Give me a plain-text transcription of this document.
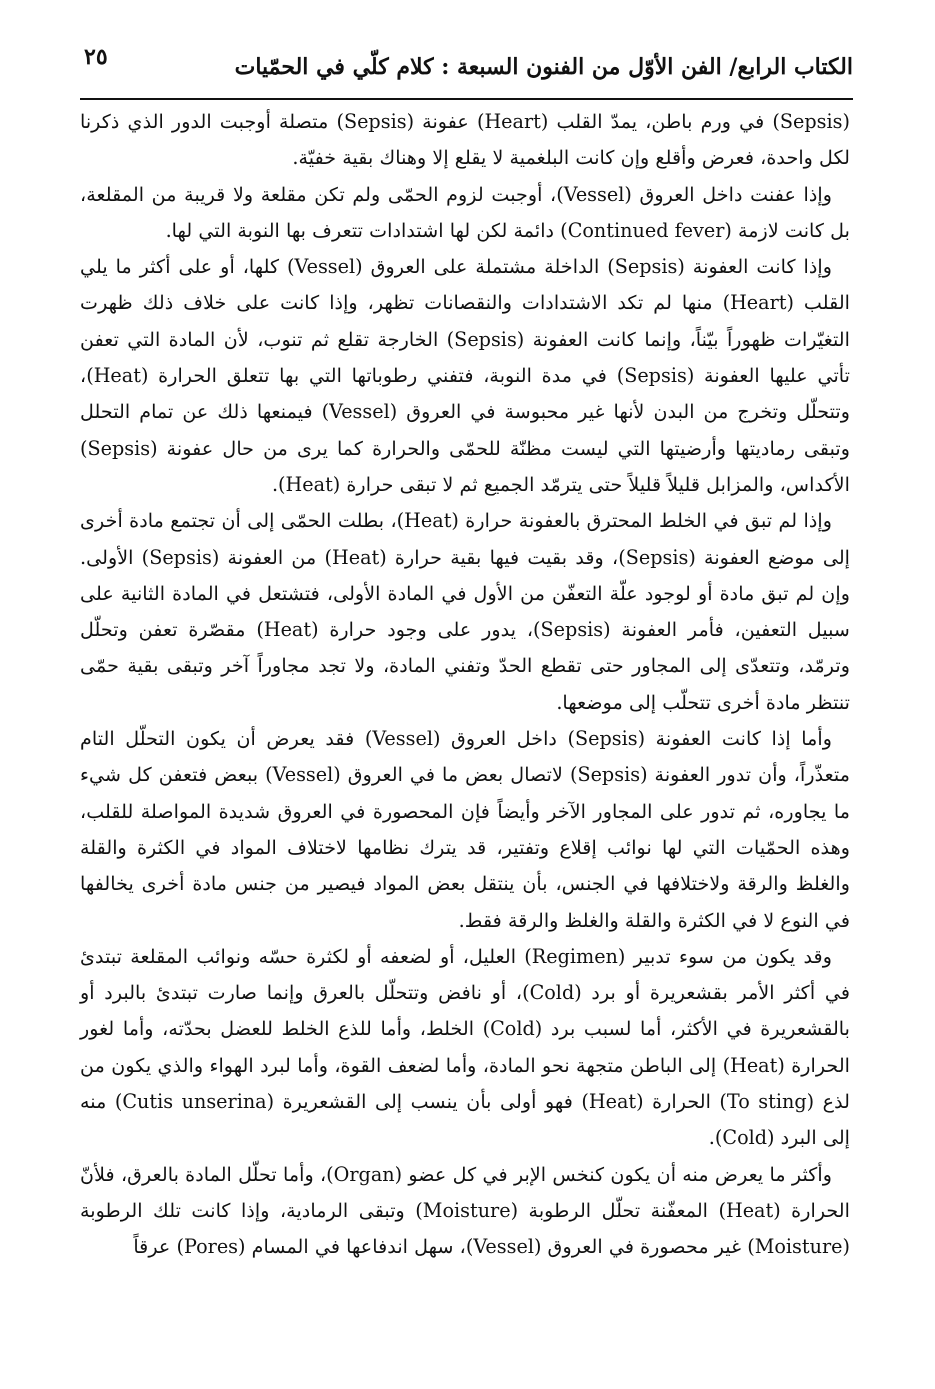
٢٥	الكتاب الرابع/ الفن الأوّل من الفنون السبعة : كلام كلّي في الحمّيات

(Sepsis) في ورم باطن، يمدّ القلب (Heart) عفونة (Sepsis) متصلة أوجبت الدور الذي ذكرنا لكل واحدة، فعرض وأقلع وإن كانت البلغمية لا يقلع إلا وهناك بقية خفيّة.

وإذا عفنت داخل العروق (Vessel)، أوجبت لزوم الحمّى ولم تكن مقلعة ولا قريبة من المقلعة، بل كانت لازمة (Continued fever) دائمة لكن لها اشتدادات تتعرف بها النوبة التي لها.

وإذا كانت العفونة (Sepsis) الداخلة مشتملة على العروق (Vessel) كلها، أو على أكثر ما يلي القلب (Heart) منها لم تكد الاشتدادات والنقصانات تظهر، وإذا كانت على خلاف ذلك ظهرت التغيّرات ظهوراً بيّناً، وإنما كانت العفونة (Sepsis) الخارجة تقلع ثم تنوب، لأن المادة التي تعفن تأتي عليها العفونة (Sepsis) في مدة النوبة، فتفني رطوباتها التي بها تتعلق الحرارة (Heat)، وتتحلّل وتخرج من البدن لأنها غير محبوسة في العروق (Vessel) فيمنعها ذلك عن تمام التحلل وتبقى رماديتها وأرضيتها التي ليست مظنّة للحمّى والحرارة كما يرى من حال عفونة (Sepsis) الأكداس، والمزابل قليلاً قليلاً حتى يترمّد الجميع ثم لا تبقى حرارة (Heat).

وإذا لم تبق في الخلط المحترق بالعفونة حرارة (Heat)، بطلت الحمّى إلى أن تجتمع مادة أخرى إلى موضع العفونة (Sepsis)، وقد بقيت فيها بقية حرارة (Heat) من العفونة (Sepsis) الأولى. وإن لم تبق مادة أو لوجود علّة التعفّن من الأول في المادة الأولى، فتشتعل في المادة الثانية على سبيل التعفين، فأمر العفونة (Sepsis)، يدور على وجود حرارة (Heat) مقصّرة تعفن وتحلّل وترمّد، وتتعدّى إلى المجاور حتى تقطع الحدّ وتفني المادة، ولا تجد مجاوراً آخر وتبقى بقية حمّى تنتظر مادة أخرى تتحلّب إلى موضعها.

وأما إذا كانت العفونة (Sepsis) داخل العروق (Vessel) فقد يعرض أن يكون التحلّل التام متعذّراً، وأن تدور العفونة (Sepsis) لاتصال بعض ما في العروق (Vessel) ببعض فتعفن كل شيء ما يجاوره، ثم تدور على المجاور الآخر وأيضاً فإن المحصورة في العروق شديدة المواصلة للقلب، وهذه الحمّيات التي لها نوائب إقلاع وتفتير، قد يترك نظامها لاختلاف المواد في الكثرة والقلة والغلظ والرقة ولاختلافها في الجنس، بأن ينتقل بعض المواد فيصير من جنس مادة أخرى يخالفها في النوع لا في الكثرة والقلة والغلظ والرقة فقط.

وقد يكون من سوء تدبير (Regimen) العليل، أو لضعفه أو لكثرة حسّه ونوائب المقلعة تبتدئ في أكثر الأمر بقشعريرة أو برد (Cold)، أو نافض وتتحلّل بالعرق وإنما صارت تبتدئ بالبرد أو بالقشعريرة في الأكثر، أما لسبب برد (Cold) الخلط، وأما للذع الخلط للعضل بحدّته، وأما لغور الحرارة (Heat) إلى الباطن متجهة نحو المادة، وأما لضعف القوة، وأما لبرد الهواء والذي يكون من لذع (To sting) الحرارة (Heat) فهو أولى بأن ينسب إلى القشعريرة (Cutis unserina) منه إلى البرد (Cold).

وأكثر ما يعرض منه أن يكون كنخس الإبر في كل عضو (Organ)، وأما تحلّل المادة بالعرق، فلأنّ الحرارة (Heat) المعفّنة تحلّل الرطوبة (Moisture) وتبقى الرمادية، وإذا كانت تلك الرطوبة (Moisture) غير محصورة في العروق (Vessel)، سهل اندفاعها في المسام (Pores) عرقاً
